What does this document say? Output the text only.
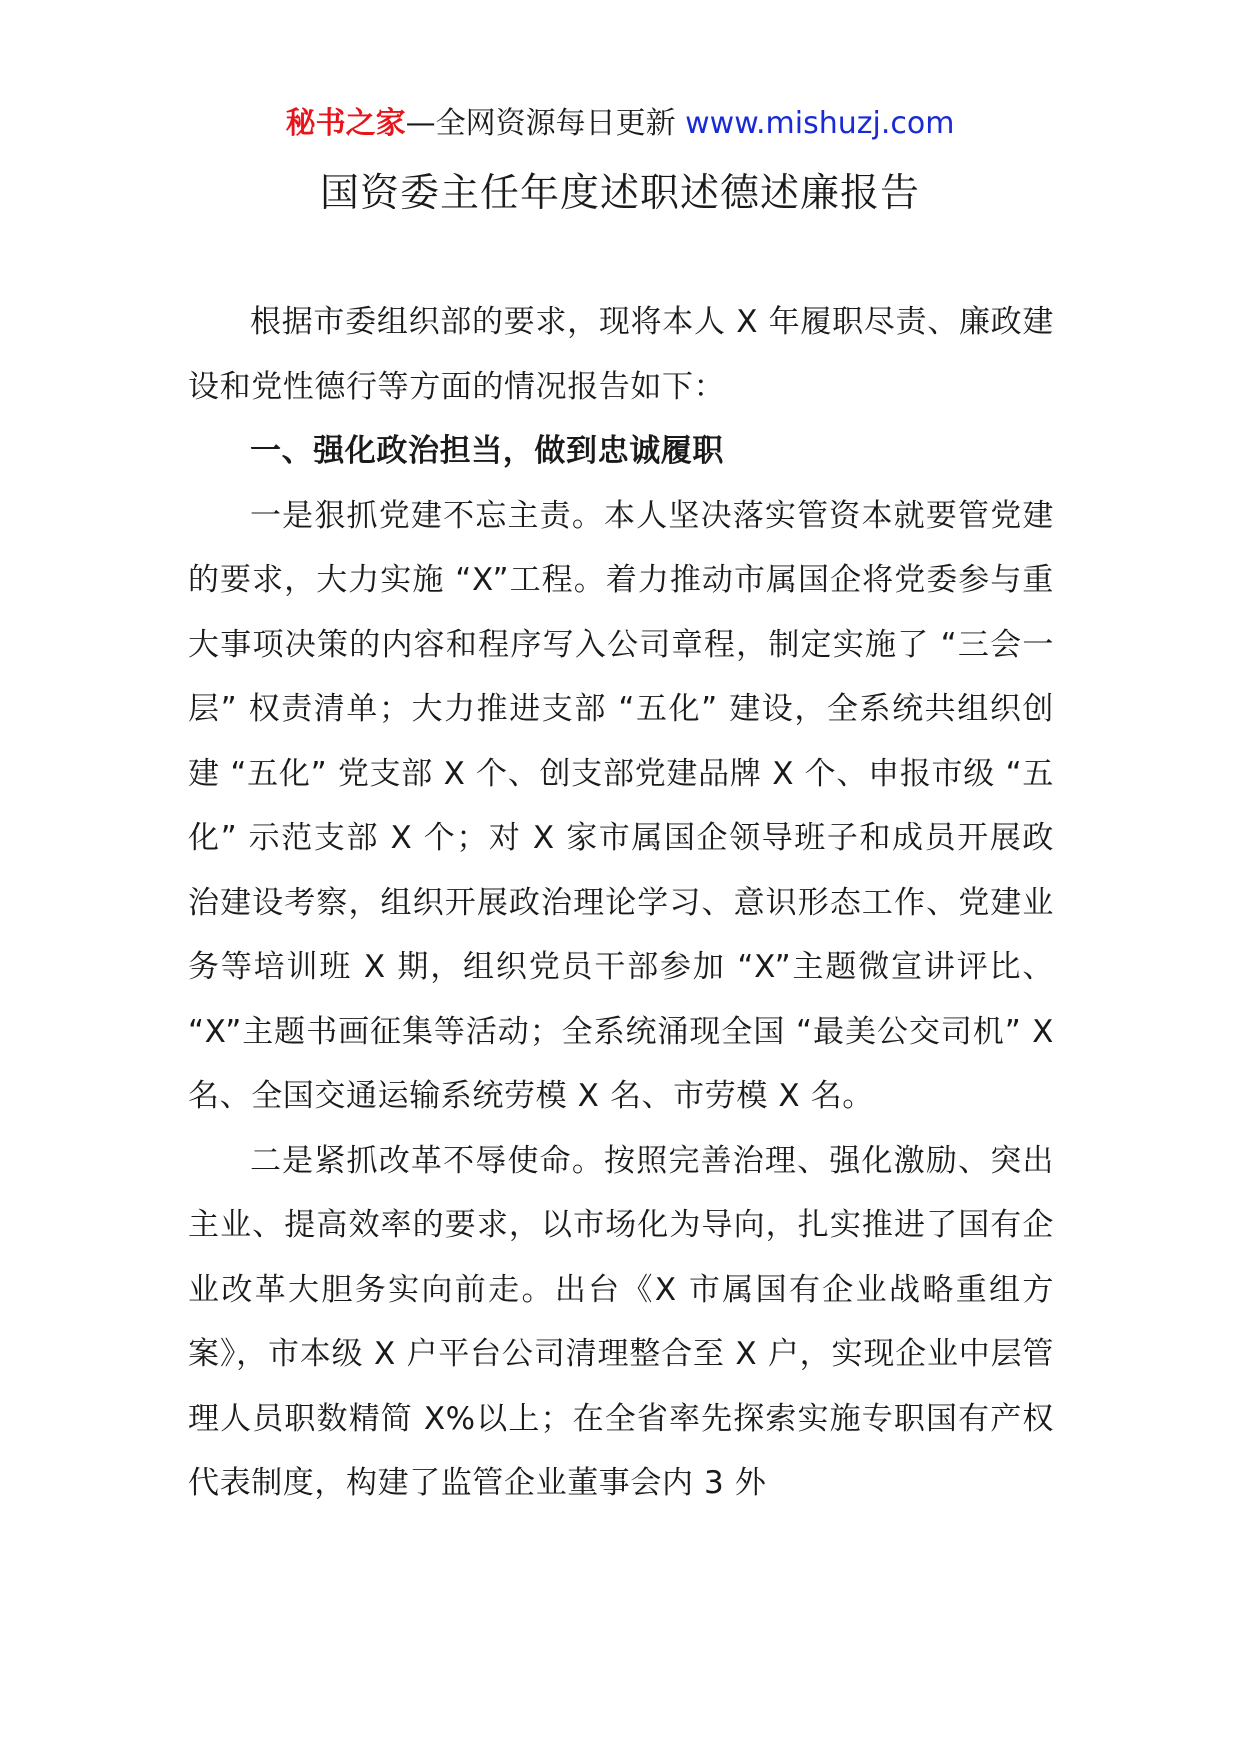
秘书之家—全网资源每日更新 www.mishuzj.com
国资委主任年度述职述德述廉报告

根据市委组织部的要求，现将本人 X 年履职尽责、廉政建设和党性德行等方面的情况报告如下：

一、强化政治担当，做到忠诚履职

一是狠抓党建不忘主责。本人坚决落实管资本就要管党建的要求，大力实施 “X”工程。着力推动市属国企将党委参与重大事项决策的内容和程序写入公司章程，制定实施了 “三会一层” 权责清单；大力推进支部 “五化” 建设，全系统共组织创建 “五化” 党支部 X 个、创支部党建品牌 X 个、申报市级 “五化” 示范支部 X 个；对 X 家市属国企领导班子和成员开展政治建设考察，组织开展政治理论学习、意识形态工作、党建业务等培训班 X 期，组织党员干部参加 “X”主题微宣讲评比、 “X”主题书画征集等活动；全系统涌现全国 “最美公交司机” X 名、全国交通运输系统劳模 X 名、市劳模 X 名。

二是紧抓改革不辱使命。按照完善治理、强化激励、突出主业、提高效率的要求，以市场化为导向，扎实推进了国有企业改革大胆务实向前走。出台《X 市属国有企业战略重组方案》，市本级 X 户平台公司清理整合至 X 户，实现企业中层管理人员职数精简 X%以上；在全省率先探索实施专职国有产权代表制度，构建了监管企业董事会内 3 外
